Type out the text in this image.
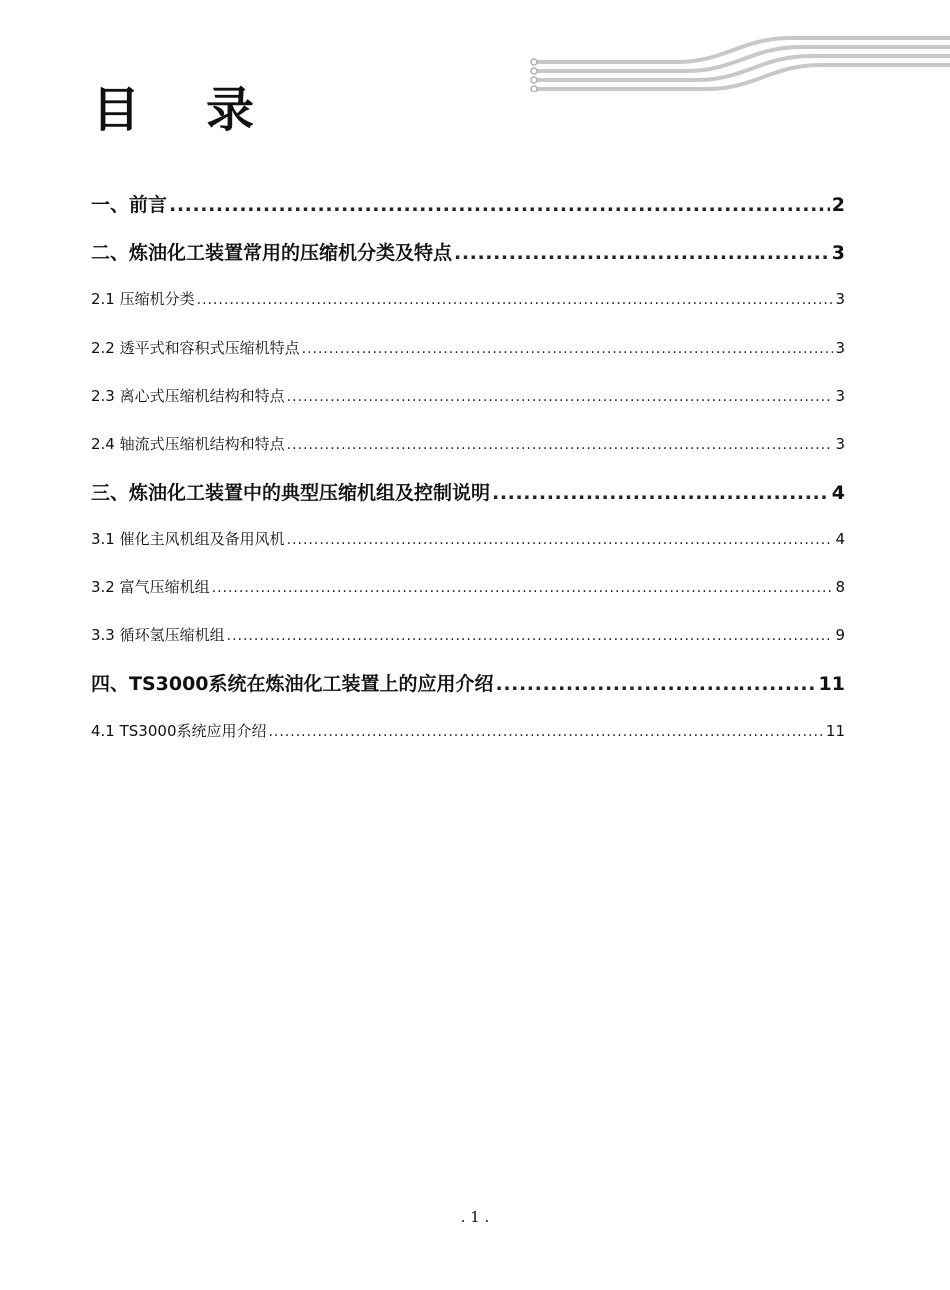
目 录
一、前言 .....	2
二、炼油化工装置常用的压缩机分类及特点 .....	3
2.1 压缩机分类 .....	3
2.2 透平式和容积式压缩机特点 .....	3
2.3 离心式压缩机结构和特点 .....	3
2.4 轴流式压缩机结构和特点 .....	3
三、炼油化工装置中的典型压缩机组及控制说明 .....	4
3.1 催化主风机组及备用风机 .....	4
3.2 富气压缩机组 .....	8
3.3 循环氢压缩机组 .....	9
四、TS3000系统在炼油化工装置上的应用介绍 .....	11
4.1 TS3000系统应用介绍 .....	11
. 1 .
